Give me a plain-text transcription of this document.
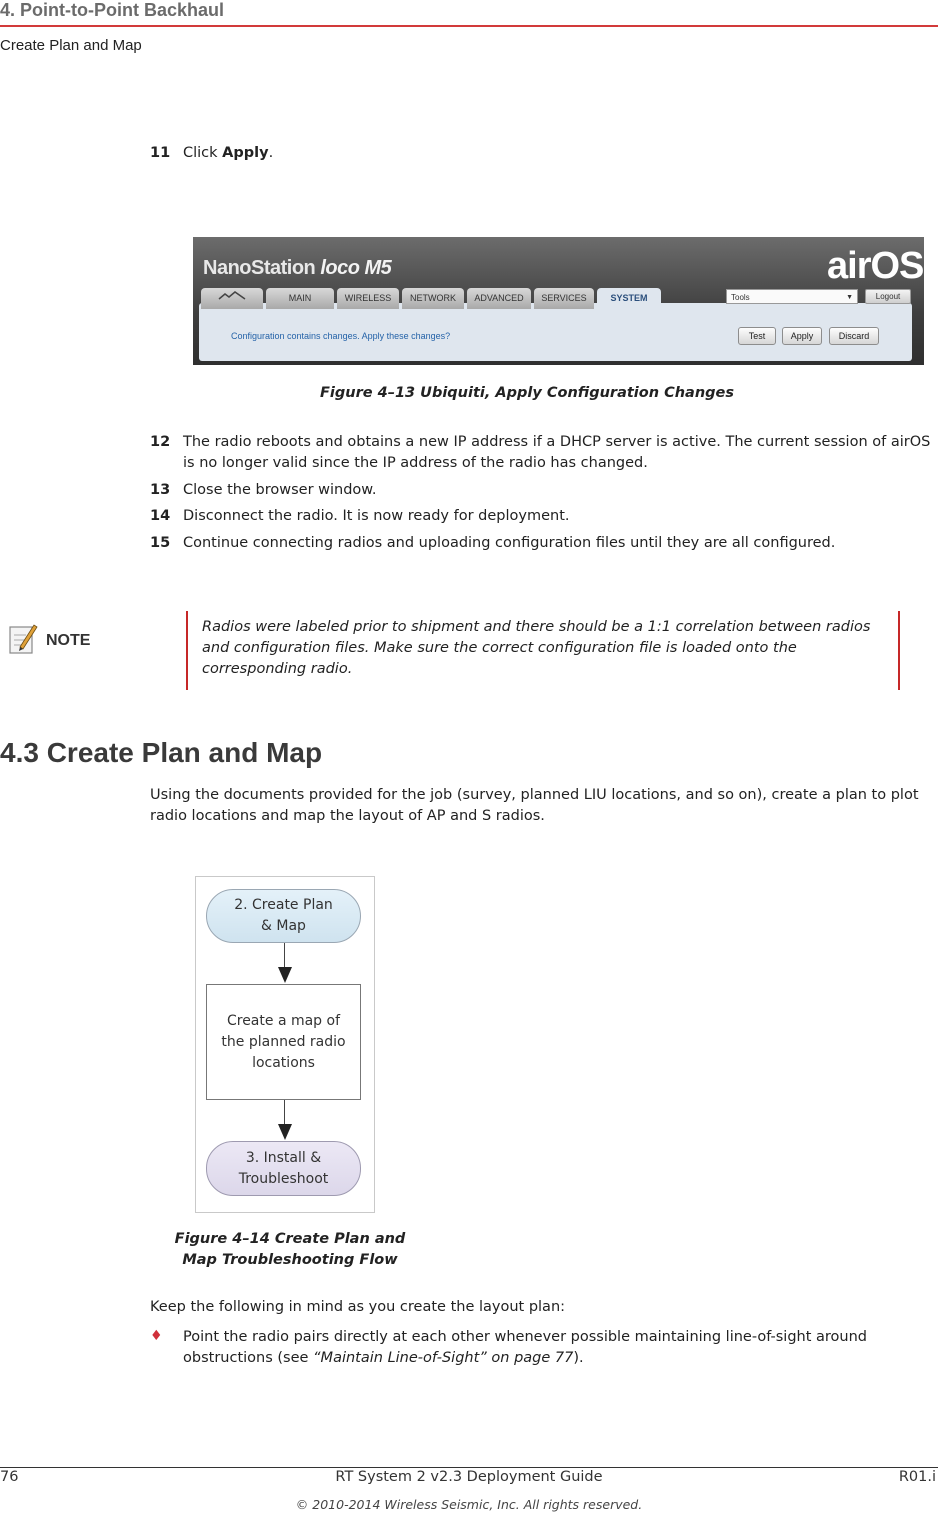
4. Point-to-Point Backhaul
Create Plan and Map
11 Click Apply.
NanoStation loco M5	airOS
MAIN	WIRELESS	NETWORK	ADVANCED	SERVICES	SYSTEM	Tools	▼	Logout
Configuration contains changes. Apply these changes?	Test	Apply	Discard
Figure 4–13 Ubiquiti, Apply Configuration Changes
12 The radio reboots and obtains a new IP address if a DHCP server is active. The current session of airOS is no longer valid since the IP address of the radio has changed.
13 Close the browser window.
14 Disconnect the radio. It is now ready for deployment.
15 Continue connecting radios and uploading configuration files until they are all configured.
NOTE
Radios were labeled prior to shipment and there should be a 1:1 correlation between radios and configuration files. Make sure the correct configuration file is loaded onto the corresponding radio.
4.3 Create Plan and Map
Using the documents provided for the job (survey, planned LIU locations, and so on), create a plan to plot radio locations and map the layout of AP and S radios.
2. Create Plan & Map
Create a map of the planned radio locations
3. Install & Troubleshoot
Figure 4–14 Create Plan and
Map Troubleshooting Flow
Keep the following in mind as you create the layout plan:
♦ Point the radio pairs directly at each other whenever possible maintaining line-of-sight around obstructions (see “Maintain Line-of-Sight” on page 77).
76	RT System 2 v2.3 Deployment Guide	R01.i
© 2010-2014 Wireless Seismic, Inc. All rights reserved.
